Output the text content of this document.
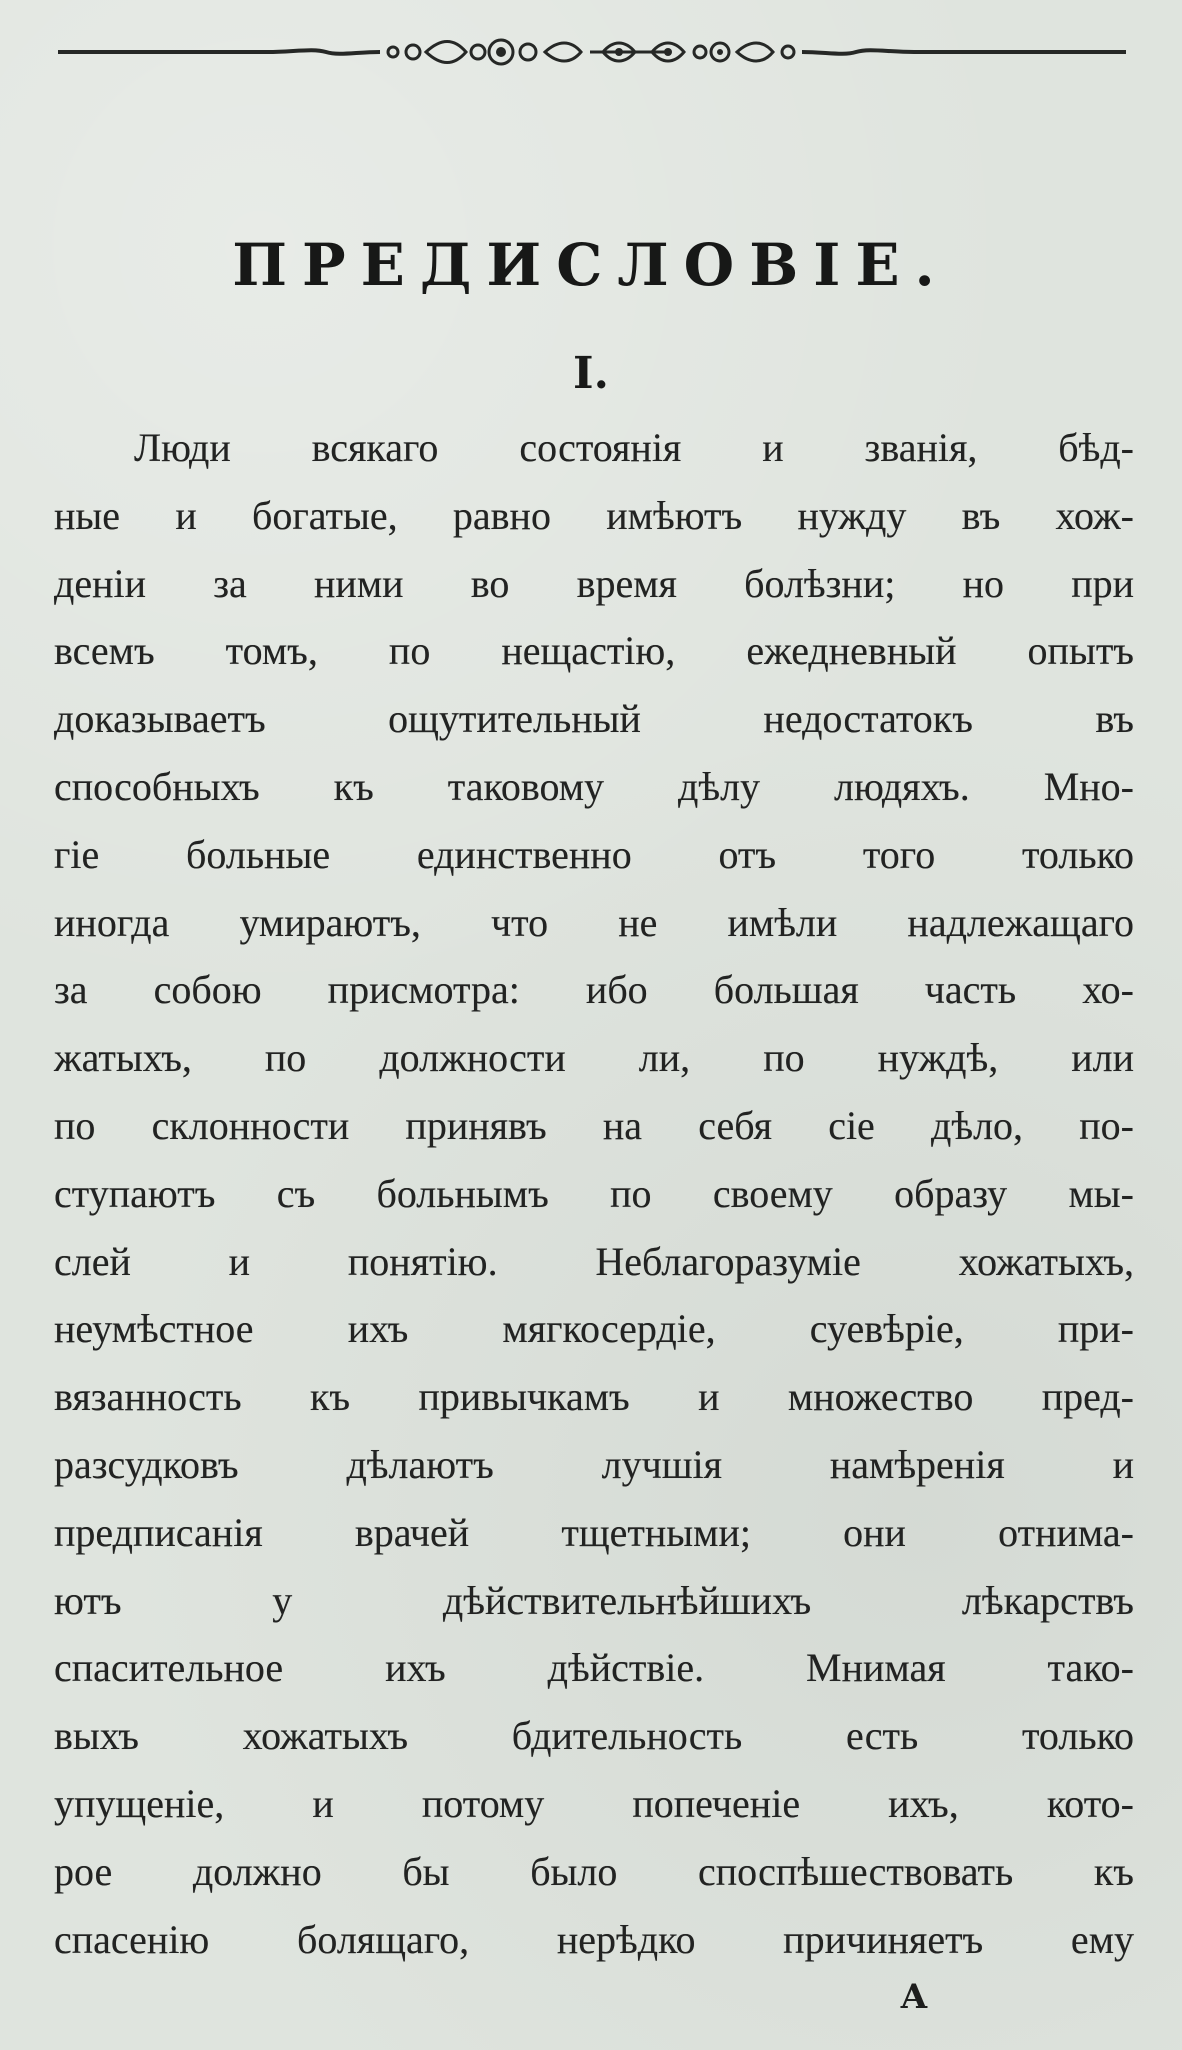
ПРЕДИСЛОВІЕ.
I.
Люди всякаго состоянія и званія, бѣд-
ные и богатые, равно имѣютъ нужду въ хож-
деніи за ними во время болѣзни; но при
всемъ томъ, по нещастію, ежедневный опытъ
доказываетъ ощутительный недостатокъ въ
способныхъ къ таковому дѣлу людяхъ. Мно-
гіе больные единственно отъ того только
иногда умираютъ, что не имѣли надлежащаго
за собою присмотра: ибо большая часть хо-
жатыхъ, по должности ли, по нуждѣ, или
по склонности принявъ на себя сіе дѣло, по-
ступаютъ съ больнымъ по своему образу мы-
слей и понятію. Неблагоразуміе хожатыхъ,
неумѣстное ихъ мягкосердіе, суевѣріе, при-
вязанность къ привычкамъ и множество пред-
разсудковъ дѣлаютъ лучшія намѣренія и
предписанія врачей тщетными; они отнима-
ютъ у дѣйствительнѣйшихъ лѣкарствъ
спасительное ихъ дѣйствіе. Мнимая тако-
выхъ хожатыхъ бдительность есть только
упущеніе, и потому попеченіе ихъ, кото-
рое должно бы было споспѣшествовать къ
спасенію болящаго, нерѣдко причиняетъ ему
А
